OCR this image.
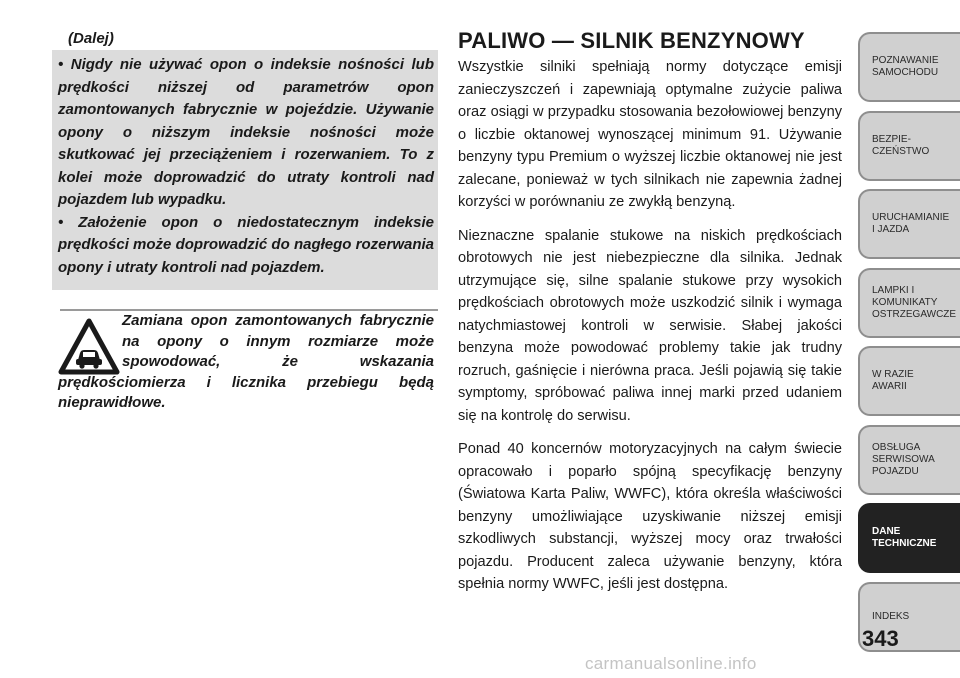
(Dalej)

• Nigdy nie używać opon o indeksie nośności lub prędkości niższej od parametrów opon zamontowanych fabrycznie w pojeździe. Używanie opony o niższym indeksie nośności może skutkować jej przeciążeniem i rozerwaniem. To z kolei może doprowadzić do utraty kontroli nad pojazdem lub wypadku.

• Założenie opon o niedostatecznym indeksie prędkości może doprowadzić do nagłego rozerwania opony i utraty kontroli nad pojazdem.

Zamiana opon zamontowanych fabrycznie na opony o innym rozmiarze może spowodować, że wskazania prędkościomierza i licznika przebiegu będą nieprawidłowe.
PALIWO — SILNIK BENZYNOWY

Wszystkie silniki spełniają normy dotyczące emisji zanieczyszczeń i zapewniają optymalne zużycie paliwa oraz osiągi w przypadku stosowania bezołowiowej benzyny o liczbie oktanowej wynoszącej minimum 91. Używanie benzyny typu Premium o wyższej liczbie oktanowej nie jest zalecane, ponieważ w tych silnikach nie zapewnia żadnej korzyści w porównaniu ze zwykłą benzyną.

Nieznaczne spalanie stukowe na niskich prędkościach obrotowych nie jest niebezpieczne dla silnika. Jednak utrzymujące się, silne spalanie stukowe przy wysokich prędkościach obrotowych może uszkodzić silnik i wymaga natychmiastowej kontroli w serwisie. Słabej jakości benzyna może powodować problemy takie jak trudny rozruch, gaśnięcie i nierówna praca. Jeśli pojawią się takie symptomy, spróbować paliwa innej marki przed udaniem się na kontrolę do serwisu.

Ponad 40 koncernów motoryzacyjnych na całym świecie opracowało i poparło spójną specyfikację benzyny (Światowa Karta Paliw, WWFC), która określa właściwości benzyny umożliwiające uzyskiwanie niższej emisji szkodliwych substancji, wyższej mocy oraz trwałości pojazdu. Producent zaleca używanie benzyny, która spełnia normy WWFC, jeśli jest dostępna.

POZNAWANIE
SAMOCHODU
BEZPIE-
CZEŃSTWO
URUCHAMIANIE
I JAZDA
LAMPKI I
KOMUNIKATY
OSTRZEGAWCZE
W RAZIE
AWARII
OBSŁUGA
SERWISOWA
POJAZDU
DANE
TECHNICZNE
INDEKS
343
carmanualsonline.info
